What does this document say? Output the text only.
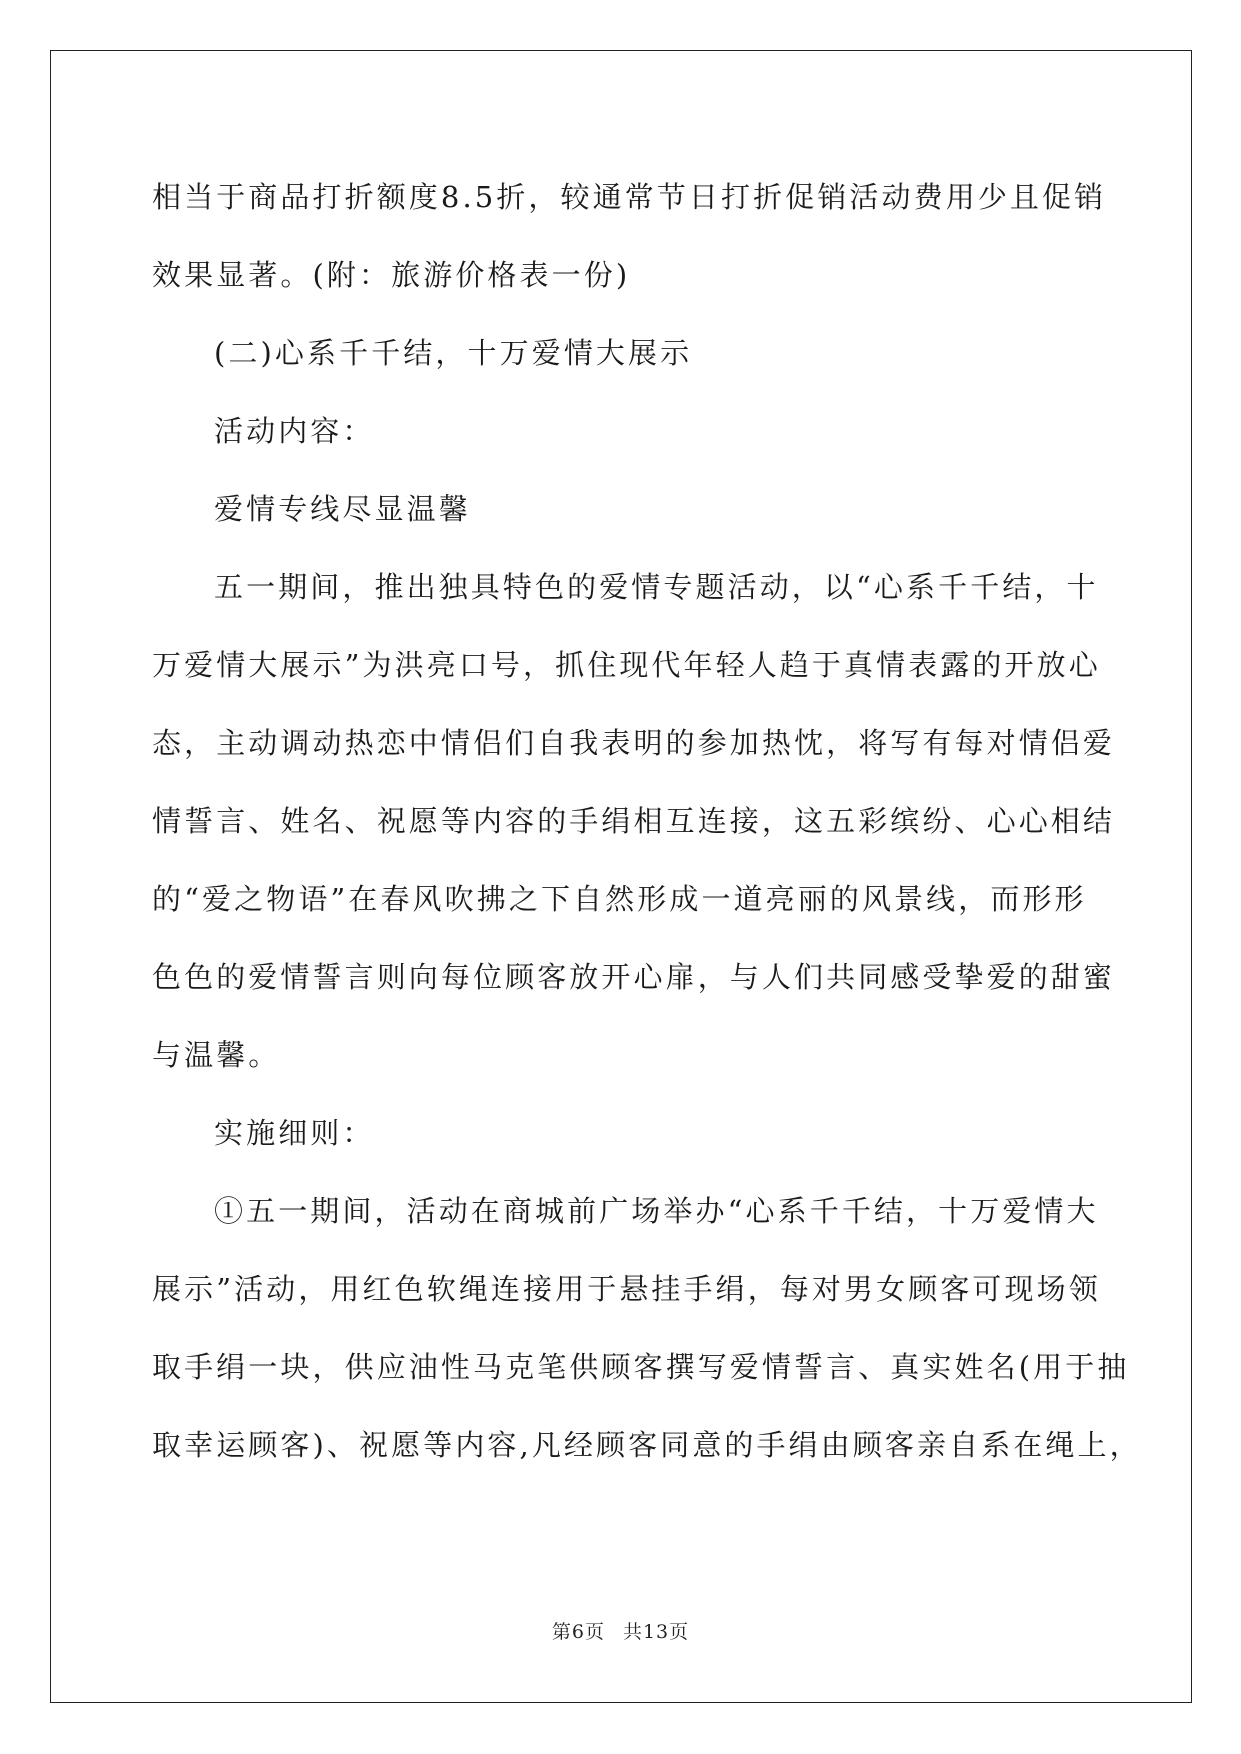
相当于商品打折额度8.5折，较通常节日打折促销活动费用少且促销
效果显著。(附：旅游价格表一份)
(二)心系千千结，十万爱情大展示
活动内容：
爱情专线尽显温馨
五一期间，推出独具特色的爱情专题活动，以“心系千千结，十
万爱情大展示”为洪亮口号，抓住现代年轻人趋于真情表露的开放心
态，主动调动热恋中情侣们自我表明的参加热忱，将写有每对情侣爱
情誓言、姓名、祝愿等内容的手绢相互连接，这五彩缤纷、心心相结
的“爱之物语”在春风吹拂之下自然形成一道亮丽的风景线，而形形
色色的爱情誓言则向每位顾客放开心扉，与人们共同感受挚爱的甜蜜
与温馨。
实施细则：
①五一期间，活动在商城前广场举办“心系千千结，十万爱情大
展示”活动，用红色软绳连接用于悬挂手绢，每对男女顾客可现场领
取手绢一块，供应油性马克笔供顾客撰写爱情誓言、真实姓名(用于抽
取幸运顾客)、祝愿等内容,凡经顾客同意的手绢由顾客亲自系在绳上，
第6页 共13页
